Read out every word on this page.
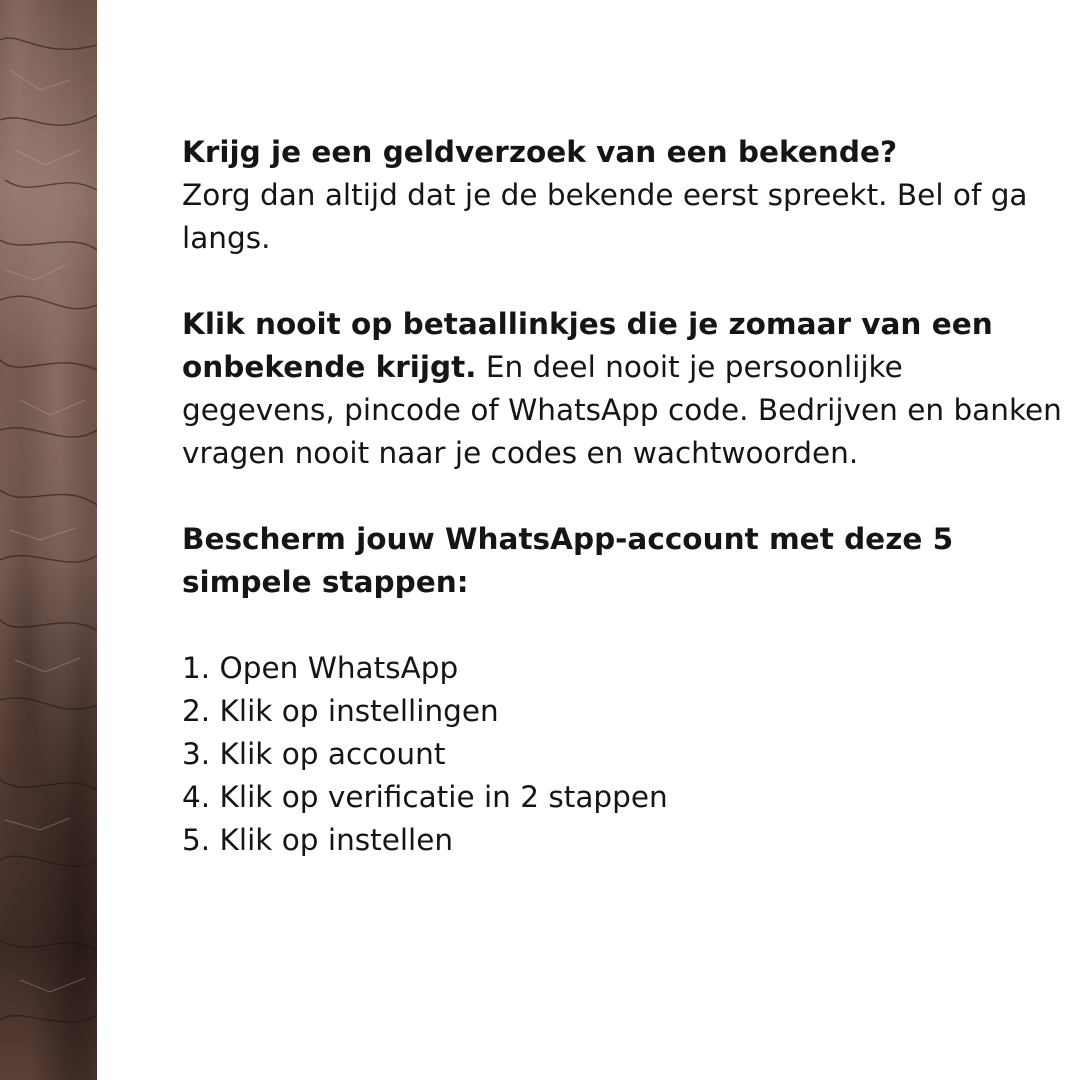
Krijg je een geldverzoek van een bekende?
Zorg dan altijd dat je de bekende eerst spreekt. Bel of ga langs.

Klik nooit op betaallinkjes die je zomaar van een onbekende krijgt. En deel nooit je persoonlijke gegevens, pincode of WhatsApp code. Bedrijven en banken vragen nooit naar je codes en wachtwoorden.

Bescherm jouw WhatsApp-account met deze 5 simpele stappen:

1. Open WhatsApp
2. Klik op instellingen
3. Klik op account
4. Klik op verificatie in 2 stappen
5. Klik op instellen
